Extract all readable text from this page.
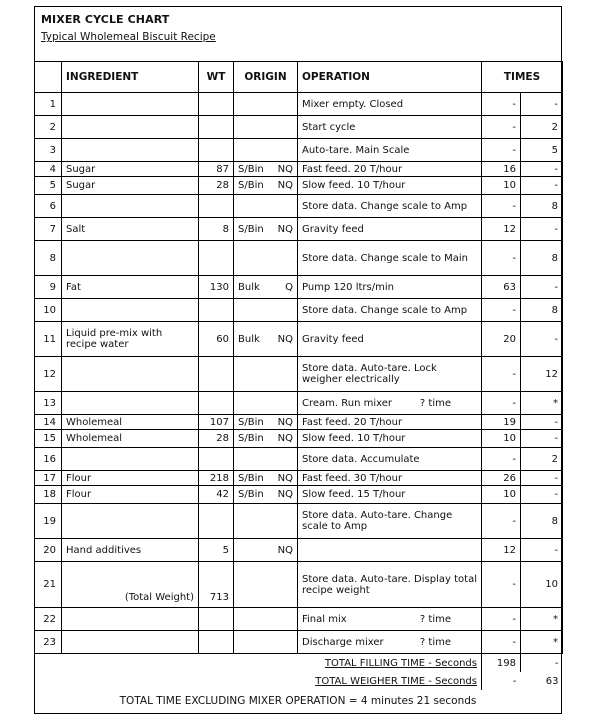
MIXER CYCLE CHART
Typical Wholemeal Biscuit Recipe
	INGREDIENT	WT	ORIGIN	OPERATION	TIMES	
1				Mixer empty. Closed	-	-
2				Start cycle	-	2
3				Auto-tare. Main Scale	-	5
4	Sugar	87	S/Bin NQ	Fast feed. 20 T/hour	16	-
5	Sugar	28	S/Bin NQ	Slow feed. 10 T/hour	10	-
6				Store data. Change scale to Amp	-	8
7	Salt	8	S/Bin NQ	Gravity feed	12	-
8				Store data. Change scale to Main	-	8
9	Fat	130	Bulk Q	Pump 120 ltrs/min	63	-
10				Store data. Change scale to Amp	-	8
11	Liquid pre-mix with recipe water	60	Bulk NQ	Gravity feed	20	-
12				Store data. Auto-tare. Lock weigher electrically	-	12
13				Cream. Run mixer ? time	-	*
14	Wholemeal	107	S/Bin NQ	Fast feed. 20 T/hour	19	-
15	Wholemeal	28	S/Bin NQ	Slow feed. 10 T/hour	10	-
16				Store data. Accumulate	-	2
17	Flour	218	S/Bin NQ	Fast feed. 30 T/hour	26	-
18	Flour	42	S/Bin NQ	Slow feed. 15 T/hour	10	-
19				Store data. Auto-tare. Change scale to Amp	-	8
20	Hand additives	5	NQ		12	-
21	(Total Weight)	713		Store data. Auto-tare. Display total recipe weight	-	10
22				Final mix ? time	-	*
23				Discharge mixer ? time	-	*
TOTAL FILLING TIME - Seconds					198	-
TOTAL WEIGHER TIME - Seconds					-	63
TOTAL TIME EXCLUDING MIXER OPERATION = 4 minutes 21 seconds
